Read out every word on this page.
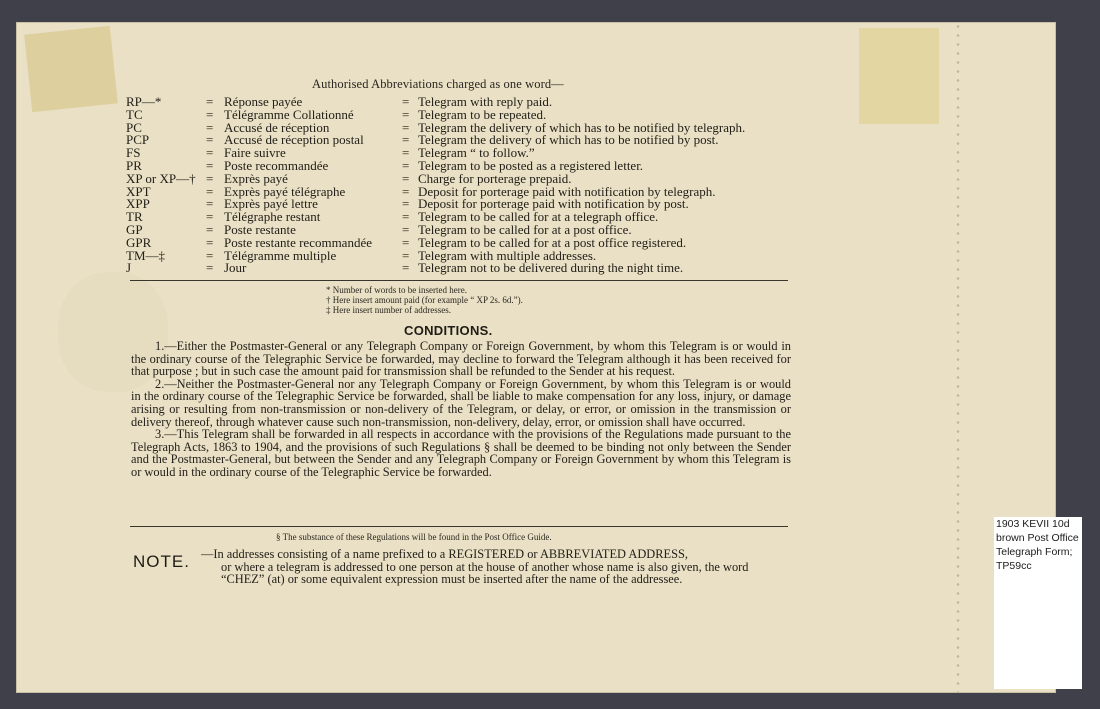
Authorised Abbreviations charged as one word—
RP—*	= Réponse payée	= Telegram with reply paid.
TC	= Télégramme Collationné	= Telegram to be repeated.
PC	= Accusé de réception	= Telegram the delivery of which has to be notified by telegraph.
PCP	= Accusé de réception postal	= Telegram the delivery of which has to be notified by post.
FS	= Faire suivre	= Telegram “ to follow.”
PR	= Poste recommandée	= Telegram to be posted as a registered letter.
XP or XP—† = Exprès payé	= Charge for porterage prepaid.
XPT	= Exprès payé télégraphe	= Deposit for porterage paid with notification by telegraph.
XPP	= Exprès payé lettre	= Deposit for porterage paid with notification by post.
TR	= Télégraphe restant	= Telegram to be called for at a telegraph office.
GP	= Poste restante	= Telegram to be called for at a post office.
GPR	= Poste restante recommandée = Telegram to be called for at a post office registered.
TM—‡	= Télégramme multiple	= Telegram with multiple addresses.
J	= Jour	= Telegram not to be delivered during the night time.
* Number of words to be inserted here.
† Here insert amount paid (for example “ XP 2s. 6d.”).
‡ Here insert number of addresses.
CONDITIONS.

1.—Either the Postmaster-General or any Telegraph Company or Foreign Government, by whom this Telegram is or would in the ordinary course of the Telegraphic Service be forwarded, may decline to forward the Telegram although it has been received for that purpose ; but in such case the amount paid for transmission shall be refunded to the Sender at his request.

2.—Neither the Postmaster-General nor any Telegraph Company or Foreign Government, by whom this Telegram is or would in the ordinary course of the Telegraphic Service be forwarded, shall be liable to make compensation for any loss, injury, or damage arising or resulting from non-transmission or non-delivery of the Telegram, or delay, or error, or omission in the transmission or delivery thereof, through whatever cause such non-transmission, non-delivery, delay, error, or omission shall have occurred.

3.—This Telegram shall be forwarded in all respects in accordance with the provisions of the Regulations made pursuant to the Telegraph Acts, 1863 to 1904, and the provisions of such Regulations § shall be deemed to be binding not only between the Sender and the Postmaster-General, but between the Sender and any Telegraph Company or Foreign Government by whom this Telegram is or would in the ordinary course of the Telegraphic Service be forwarded.

§ The substance of these Regulations will be found in the Post Office Guide.
NOTE. —In addresses consisting of a name prefixed to a REGISTERED or ABBREVIATED ADDRESS,
or where a telegram is addressed to one person at the house of another whose name is also given, the word “CHEZ” (at) or some equivalent expression must be inserted after the name of the addressee.
1903 KEVII 10d brown Post Office Telegraph Form; TP59cc
